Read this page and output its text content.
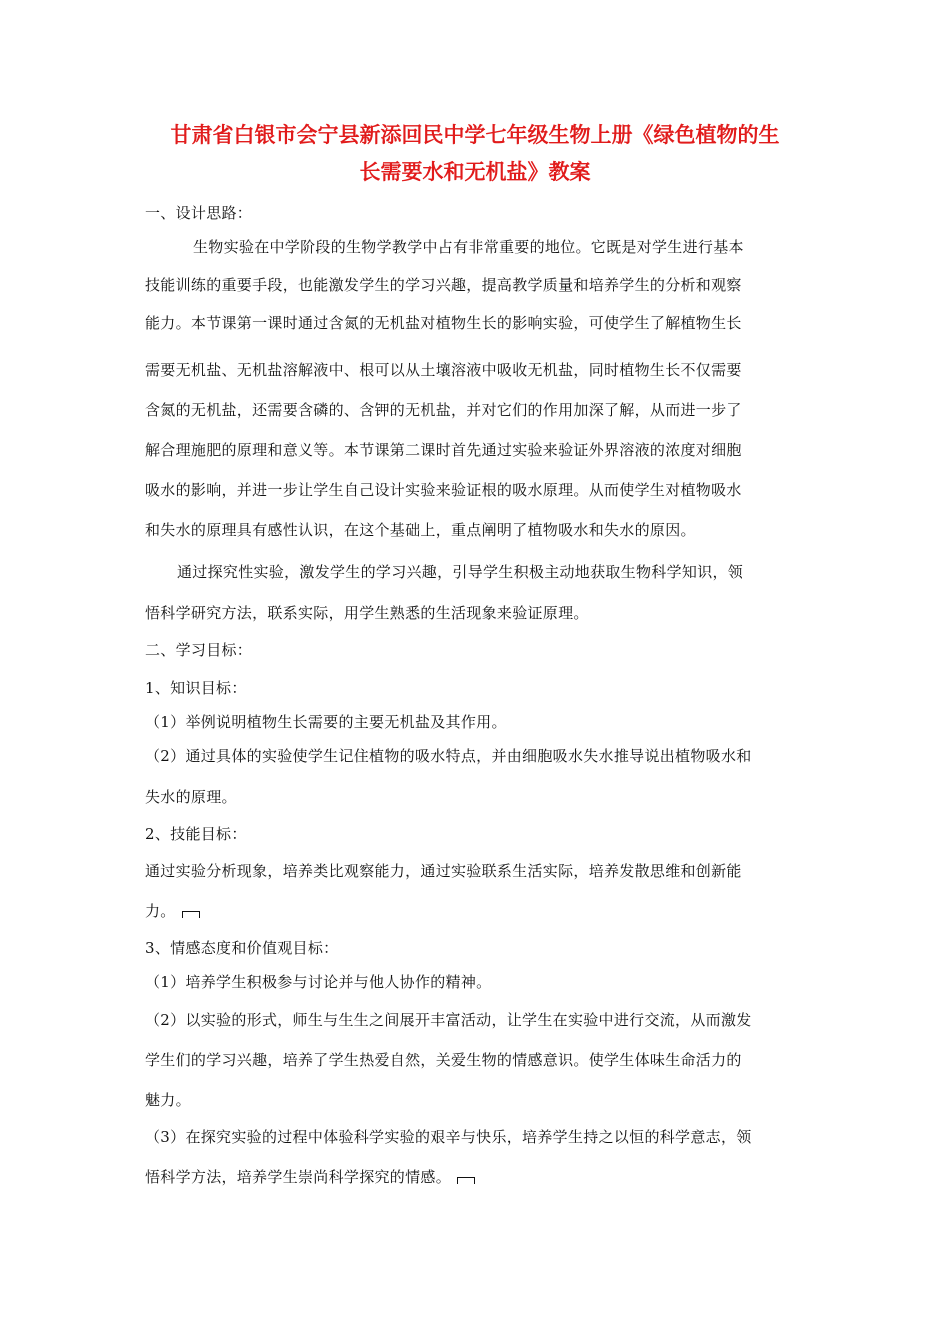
甘肃省白银市会宁县新添回民中学七年级生物上册《绿色植物的生
长需要水和无机盐》教案
一、设计思路：
生物实验在中学阶段的生物学教学中占有非常重要的地位。它既是对学生进行基本
技能训练的重要手段，也能激发学生的学习兴趣，提高教学质量和培养学生的分析和观察
能力。本节课第一课时通过含氮的无机盐对植物生长的影响实验，可使学生了解植物生长
需要无机盐、无机盐溶解液中、根可以从土壤溶液中吸收无机盐，同时植物生长不仅需要
含氮的无机盐，还需要含磷的、含钾的无机盐，并对它们的作用加深了解，从而进一步了
解合理施肥的原理和意义等。本节课第二课时首先通过实验来验证外界溶液的浓度对细胞
吸水的影响，并进一步让学生自己设计实验来验证根的吸水原理。从而使学生对植物吸水
和失水的原理具有感性认识，在这个基础上，重点阐明了植物吸水和失水的原因。
通过探究性实验，激发学生的学习兴趣，引导学生积极主动地获取生物科学知识，领
悟科学研究方法，联系实际，用学生熟悉的生活现象来验证原理。
二、学习目标：
1、知识目标：
（1）举例说明植物生长需要的主要无机盐及其作用。
（2）通过具体的实验使学生记住植物的吸水特点，并由细胞吸水失水推导说出植物吸水和
失水的原理。
2、技能目标：
通过实验分析现象，培养类比观察能力，通过实验联系生活实际，培养发散思维和创新能
力。
3、情感态度和价值观目标：
（1）培养学生积极参与讨论并与他人协作的精神。
（2）以实验的形式，师生与生生之间展开丰富活动，让学生在实验中进行交流，从而激发
学生们的学习兴趣，培养了学生热爱自然，关爱生物的情感意识。使学生体味生命活力的
魅力。
（3）在探究实验的过程中体验科学实验的艰辛与快乐，培养学生持之以恒的科学意志，领
悟科学方法，培养学生崇尚科学探究的情感。
